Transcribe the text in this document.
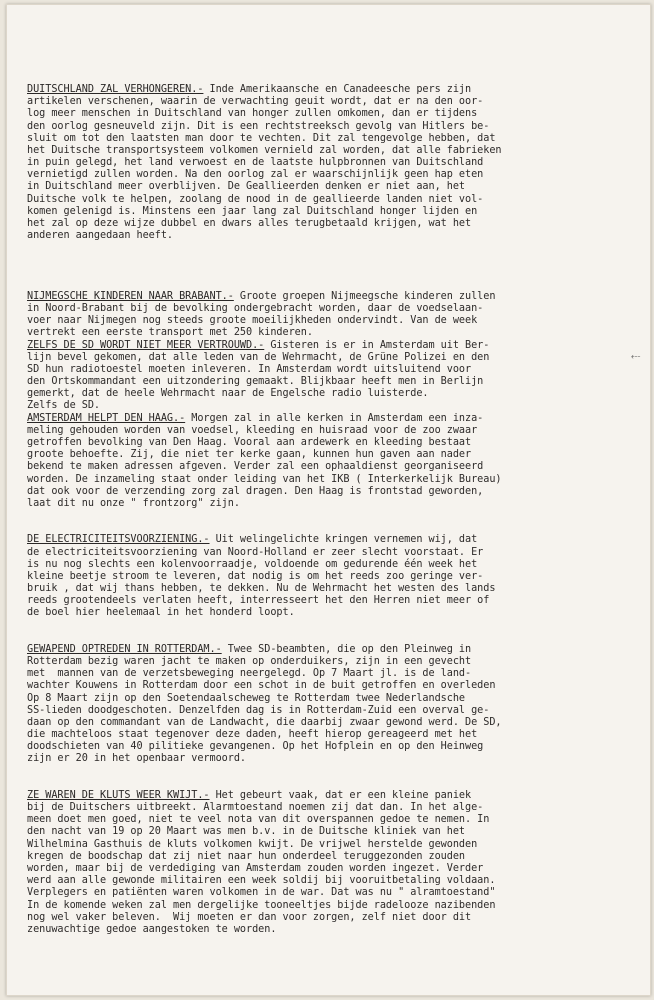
⤎
DUITSCHLAND ZAL VERHONGEREN.- Inde Amerikaansche en Canadeesche pers zijn
artikelen verschenen, waarin de verwachting geuit wordt, dat er na den oor-
log meer menschen in Duitschland van honger zullen omkomen, dan er tijdens
den oorlog gesneuveld zijn. Dit is een rechtstreeksch gevolg van Hitlers be-
sluit om tot den laatsten man door te vechten. Dit zal tengevolge hebben, dat
het Duitsche transportsysteem volkomen vernield zal worden, dat alle fabrieken
in puin gelegd, het land verwoest en de laatste hulpbronnen van Duitschland
vernietigd zullen worden. Na den oorlog zal er waarschijnlijk geen hap eten
in Duitschland meer overblijven. De Geallieerden denken er niet aan, het
Duitsche volk te helpen, zoolang de nood in de geallieerde landen niet vol-
komen gelenigd is. Minstens een jaar lang zal Duitschland honger lijden en
het zal op deze wijze dubbel en dwars alles terugbetaald krijgen, wat het
anderen aangedaan heeft.
NIJMEGSCHE KINDEREN NAAR BRABANT.- Groote groepen Nijmeegsche kinderen zullen
in Noord-Brabant bij de bevolking ondergebracht worden, daar de voedselaan-
voer naar Nijmegen nog steeds groote moeilijkheden ondervindt. Van de week
vertrekt een eerste transport met 250 kinderen.
ZELFS DE SD WORDT NIET MEER VERTROUWD.- Gisteren is er in Amsterdam uit Ber-
lijn bevel gekomen, dat alle leden van de Wehrmacht, de Grüne Polizei en den
SD hun radiotoestel moeten inleveren. In Amsterdam wordt uitsluitend voor
den Ortskommandant een uitzondering gemaakt. Blijkbaar heeft men in Berlijn
gemerkt, dat de heele Wehrmacht naar de Engelsche radio luisterde.
Zelfs de SD.
AMSTERDAM HELPT DEN HAAG.- Morgen zal in alle kerken in Amsterdam een inza-
meling gehouden worden van voedsel, kleeding en huisraad voor de zoo zwaar
getroffen bevolking van Den Haag. Vooral aan ardewerk en kleeding bestaat
groote behoefte. Zij, die niet ter kerke gaan, kunnen hun gaven aan nader
bekend te maken adressen afgeven. Verder zal een ophaaldienst georganiseerd
worden. De inzameling staat onder leiding van het IKB ( Interkerkelijk Bureau)
dat ook voor de verzending zorg zal dragen. Den Haag is frontstad geworden,
laat dit nu onze " frontzorg" zijn.
DE ELECTRICITEITSVOORZIENING.- Uit welingelichte kringen vernemen wij, dat
de electriciteitsvoorziening van Noord-Holland er zeer slecht voorstaat. Er
is nu nog slechts een kolenvoorraadje, voldoende om gedurende één week het
kleine beetje stroom te leveren, dat nodig is om het reeds zoo geringe ver-
bruik , dat wij thans hebben, te dekken. Nu de Wehrmacht het westen des lands
reeds grootendeels verlaten heeft, interresseert het den Herren niet meer of
de boel hier heelemaal in het honderd loopt.
GEWAPEND OPTREDEN IN ROTTERDAM.- Twee SD-beambten, die op den Pleinweg in
Rotterdam bezig waren jacht te maken op onderduikers, zijn in een gevecht
met  mannen van de verzetsbeweging neergelegd. Op 7 Maart jl. is de land-
wachter Kouwens in Rotterdam door een schot in de buit getroffen en overleden
Op 8 Maart zijn op den Soetendaalscheweg te Rotterdam twee Nederlandsche
SS-lieden doodgeschoten. Denzelfden dag is in Rotterdam-Zuid een overval ge-
daan op den commandant van de Landwacht, die daarbij zwaar gewond werd. De SD,
die machteloos staat tegenover deze daden, heeft hierop gereageerd met het
doodschieten van 40 pilitieke gevangenen. Op het Hofplein en op den Heinweg
zijn er 20 in het openbaar vermoord.
ZE WAREN DE KLUTS WEER KWIJT.- Het gebeurt vaak, dat er een kleine paniek
bij de Duitschers uitbreekt. Alarmtoestand noemen zij dat dan. In het alge-
meen doet men goed, niet te veel nota van dit overspannen gedoe te nemen. In
den nacht van 19 op 20 Maart was men b.v. in de Duitsche kliniek van het
Wilhelmina Gasthuis de kluts volkomen kwijt. De vrijwel herstelde gewonden
kregen de boodschap dat zij niet naar hun onderdeel teruggezonden zouden
worden, maar bij de verdediging van Amsterdam zouden worden ingezet. Verder
werd aan alle gewonde militairen een week soldij bij vooruitbetaling voldaan.
Verplegers en patiënten waren volkomen in de war. Dat was nu " alramtoestand"
In de komende weken zal men dergelijke tooneeltjes bijde radelooze nazibenden
nog wel vaker beleven.  Wij moeten er dan voor zorgen, zelf niet door dit
zenuwachtige gedoe aangestoken te worden.
